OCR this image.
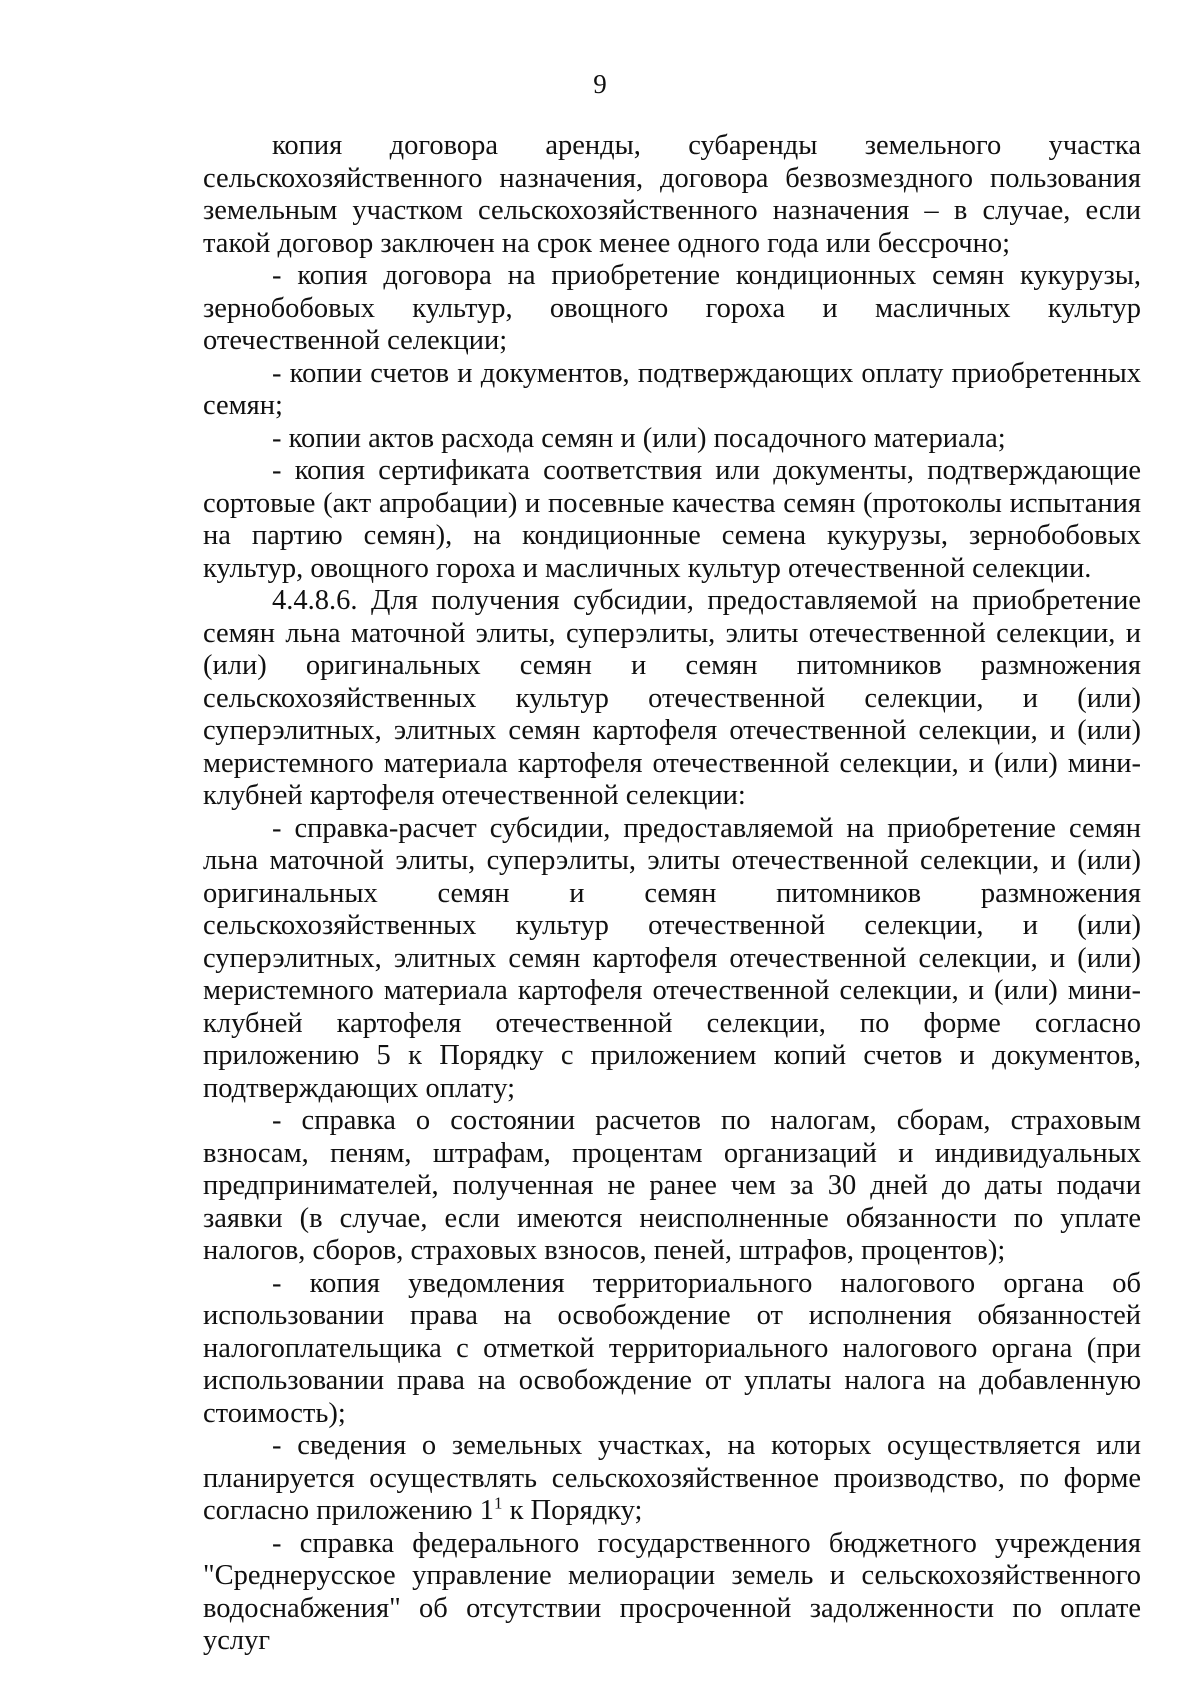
9

копия договора аренды, субаренды земельного участка сельскохозяйственного назначения, договора безвозмездного пользования земельным участком сельскохозяйственного назначения – в случае, если такой договор заключен на срок менее одного года или бессрочно;

- копия договора на приобретение кондиционных семян кукурузы, зернобобовых культур, овощного гороха и масличных культур отечественной селекции;

- копии счетов и документов, подтверждающих оплату приобретенных семян;

- копии актов расхода семян и (или) посадочного материала;

- копия сертификата соответствия или документы, подтверждающие сортовые (акт апробации) и посевные качества семян (протоколы испытания на партию семян), на кондиционные семена кукурузы, зернобобовых культур, овощного гороха и масличных культур отечественной селекции.

4.4.8.6. Для получения субсидии, предоставляемой на приобретение семян льна маточной элиты, суперэлиты, элиты отечественной селекции, и (или) оригинальных семян и семян питомников размножения сельскохозяйственных культур отечественной селекции, и (или) суперэлитных, элитных семян картофеля отечественной селекции, и (или) меристемного материала картофеля отечественной селекции, и (или) мини-клубней картофеля отечественной селекции:

- справка-расчет субсидии, предоставляемой на приобретение семян льна маточной элиты, суперэлиты, элиты отечественной селекции, и (или) оригинальных семян и семян питомников размножения сельскохозяйственных культур отечественной селекции, и (или) суперэлитных, элитных семян картофеля отечественной селекции, и (или) меристемного материала картофеля отечественной селекции, и (или) мини-клубней картофеля отечественной селекции, по форме согласно приложению 5 к Порядку с приложением копий счетов и документов, подтверждающих оплату;

- справка о состоянии расчетов по налогам, сборам, страховым взносам, пеням, штрафам, процентам организаций и индивидуальных предпринимателей, полученная не ранее чем за 30 дней до даты подачи заявки (в случае, если имеются неисполненные обязанности по уплате налогов, сборов, страховых взносов, пеней, штрафов, процентов);

- копия уведомления территориального налогового органа об использовании права на освобождение от исполнения обязанностей налогоплательщика с отметкой территориального налогового органа (при использовании права на освобождение от уплаты налога на добавленную стоимость);

- сведения о земельных участках, на которых осуществляется или планируется осуществлять сельскохозяйственное производство, по форме согласно приложению $1^1$ к Порядку;

- справка федерального государственного бюджетного учреждения "Среднерусское управление мелиорации земель и сельскохозяйственного водоснабжения" об отсутствии просроченной задолженности по оплате услуг
